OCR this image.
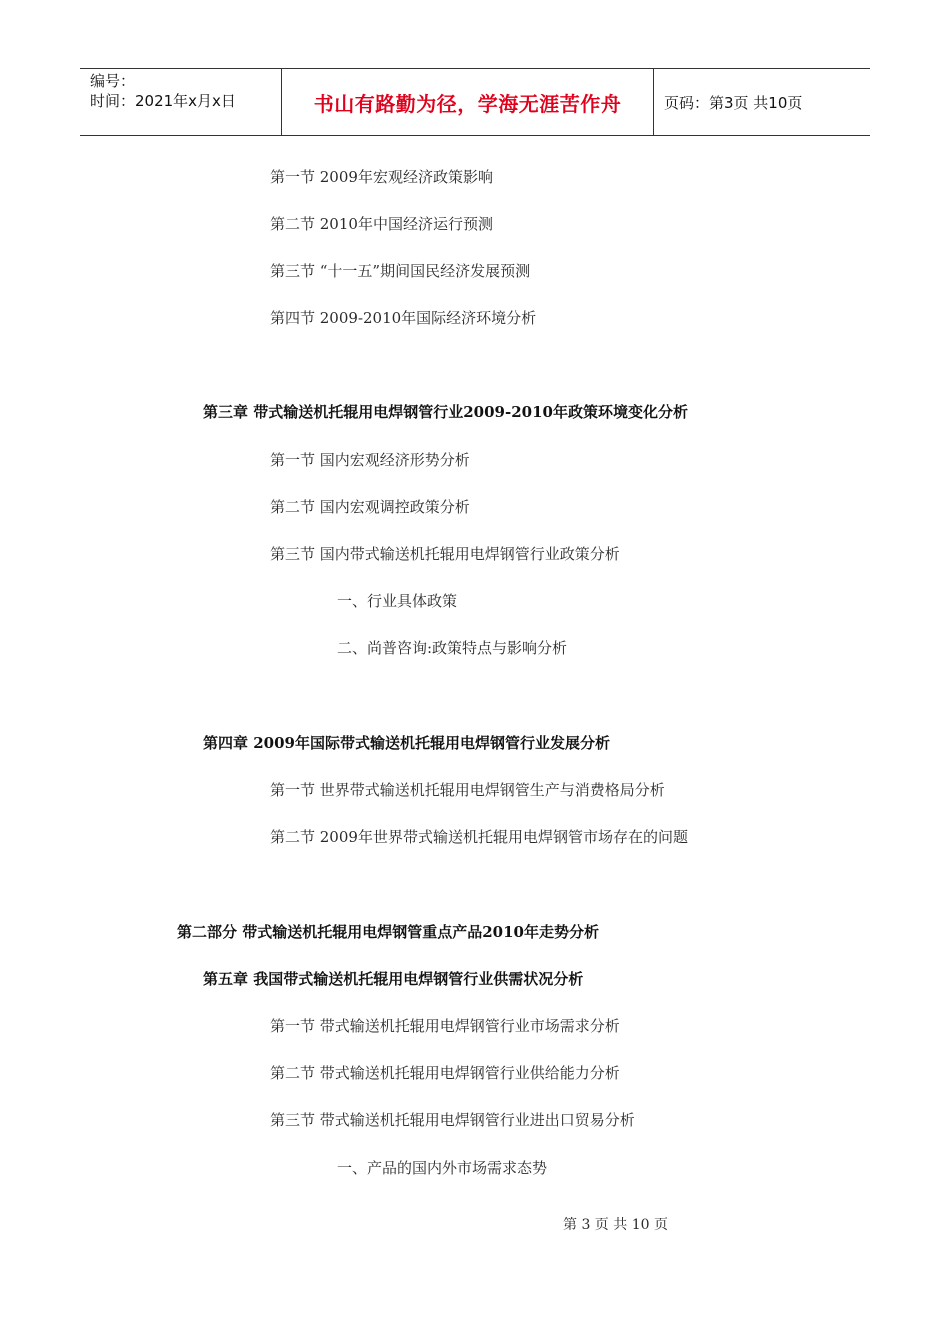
编号：
时间：2021年x月x日	书山有路勤为径，学海无涯苦作舟	页码：第3页 共10页
第一节 2009年宏观经济政策影响
第二节 2010年中国经济运行预测
第三节 “十一五”期间国民经济发展预测
第四节 2009-2010年国际经济环境分析
第三章 带式输送机托辊用电焊钢管行业2009-2010年政策环境变化分析
第一节 国内宏观经济形势分析
第二节 国内宏观调控政策分析
第三节 国内带式输送机托辊用电焊钢管行业政策分析
一、行业具体政策
二、尚普咨询:政策特点与影响分析
第四章 2009年国际带式输送机托辊用电焊钢管行业发展分析
第一节 世界带式输送机托辊用电焊钢管生产与消费格局分析
第二节 2009年世界带式输送机托辊用电焊钢管市场存在的问题
第二部分 带式输送机托辊用电焊钢管重点产品2010年走势分析
第五章 我国带式输送机托辊用电焊钢管行业供需状况分析
第一节 带式输送机托辊用电焊钢管行业市场需求分析
第二节 带式输送机托辊用电焊钢管行业供给能力分析
第三节 带式输送机托辊用电焊钢管行业进出口贸易分析
一、产品的国内外市场需求态势
第 3 页 共 10 页
